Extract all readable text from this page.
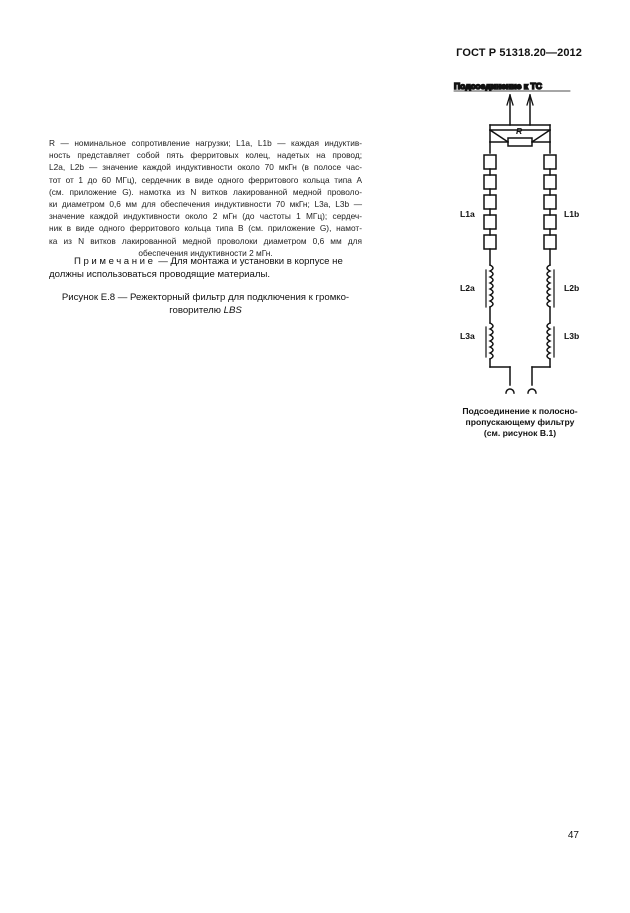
ГОСТ Р 51318.20—2012
R — номинальное сопротивление нагрузки; L1a, L1b — каждая индуктив-
ность представляет собой пять ферритовых колец, надетых на провод;
L2a, L2b — значение каждой индуктивности около 70 мкГн (в полосе час-
тот от 1 до 60 МГц), сердечник в виде одного ферритового кольца типа А
(см. приложение G). намотка из N витков лакированной медной проволо-
ки диаметром 0,6 мм для обеспечения индуктивности 70 мкГн; L3a, L3b —
значение каждой индуктивности около 2 мГн (до частоты 1 МГц); сердеч-
ник в виде одного ферритового кольца типа В (см. приложение G), намот-
ка из N витков лакированной медной проволоки диаметром 0,6 мм для
обеспечения индуктивности 2 мГн.
Примечание — Для монтажа и установки в корпусе не
должны использоваться проводящие материалы.
Рисунок Е.8 — Режекторный фильтр для подключения к громко-
говорителю LBS
Подсоединение к ТС
R
L1a	L1b
L2a	L2b
L3a	L3b
Подсоединение к полосно-
пропускающему фильтру
(см. рисунок В.1)
47
